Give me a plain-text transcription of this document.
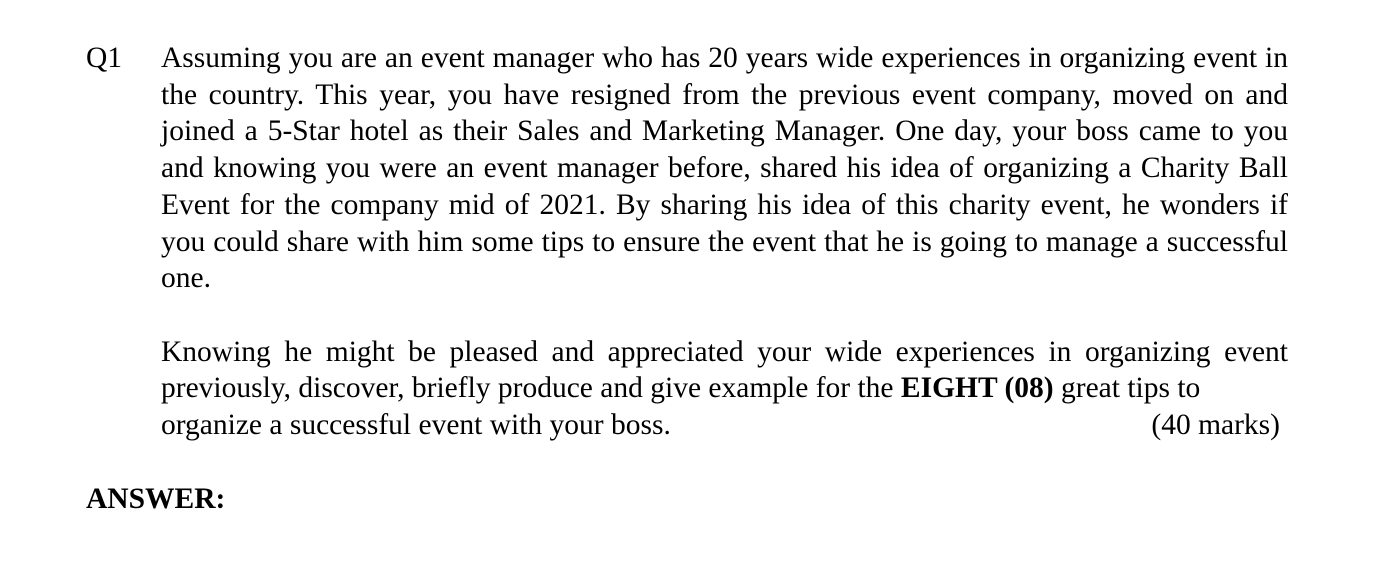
Q1 Assuming you are an event manager who has 20 years wide experiences in organizing event in the country. This year, you have resigned from the previous event company, moved on and joined a 5-Star hotel as their Sales and Marketing Manager. One day, your boss came to you and knowing you were an event manager before, shared his idea of organizing a Charity Ball Event for the company mid of 2021. By sharing his idea of this charity event, he wonders if you could share with him some tips to ensure the event that he is going to manage a successful one.

Knowing he might be pleased and appreciated your wide experiences in organizing event previously, discover, briefly produce and give example for the EIGHT (08) great tips to

organize a successful event with your boss.	(40 marks)

ANSWER:
